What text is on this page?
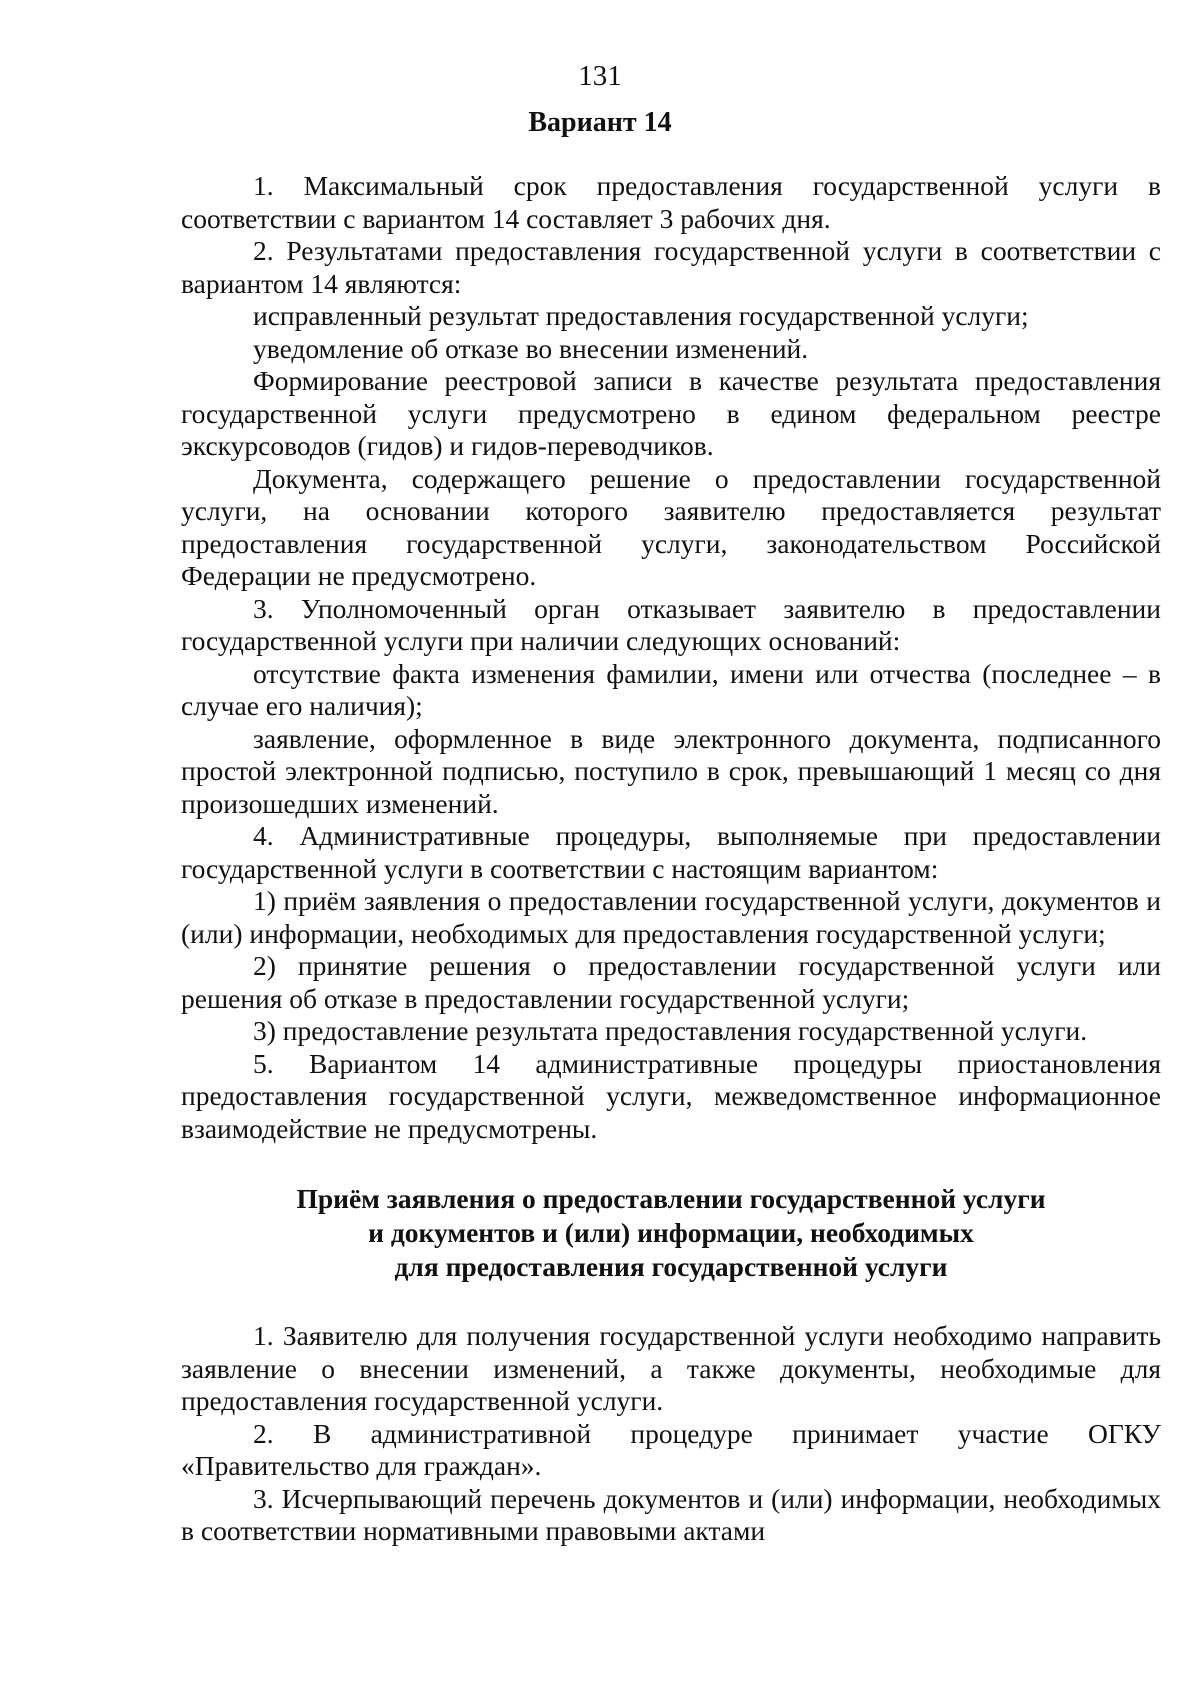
131
Вариант 14

1. Максимальный срок предоставления государственной услуги в соответствии с вариантом 14 составляет 3 рабочих дня.

2. Результатами предоставления государственной услуги в соответствии с вариантом 14 являются:

исправленный результат предоставления государственной услуги;

уведомление об отказе во внесении изменений.

Формирование реестровой записи в качестве результата предоставления государственной услуги предусмотрено в едином федеральном реестре экскурсоводов (гидов) и гидов-переводчиков.

Документа, содержащего решение о предоставлении государственной услуги, на основании которого заявителю предоставляется результат предоставления государственной услуги, законодательством Российской Федерации не предусмотрено.

3. Уполномоченный орган отказывает заявителю в предоставлении государственной услуги при наличии следующих оснований:

отсутствие факта изменения фамилии, имени или отчества (последнее – в случае его наличия);

заявление, оформленное в виде электронного документа, подписанного простой электронной подписью, поступило в срок, превышающий 1 месяц со дня произошедших изменений.

4. Административные процедуры, выполняемые при предоставлении государственной услуги в соответствии с настоящим вариантом:

1) приём заявления о предоставлении государственной услуги, документов и (или) информации, необходимых для предоставления государственной услуги;

2) принятие решения о предоставлении государственной услуги или решения об отказе в предоставлении государственной услуги;

3) предоставление результата предоставления государственной услуги.

5. Вариантом 14 административные процедуры приостановления предоставления государственной услуги, межведомственное информационное взаимодействие не предусмотрены.

Приём заявления о предоставлении государственной услуги
и документов и (или) информации, необходимых
для предоставления государственной услуги

1. Заявителю для получения государственной услуги необходимо направить заявление о внесении изменений, а также документы, необходимые для предоставления государственной услуги.

2. В административной процедуре принимает участие ОГКУ «Правительство для граждан».

3. Исчерпывающий перечень документов и (или) информации, необходимых в соответствии нормативными правовыми актами
